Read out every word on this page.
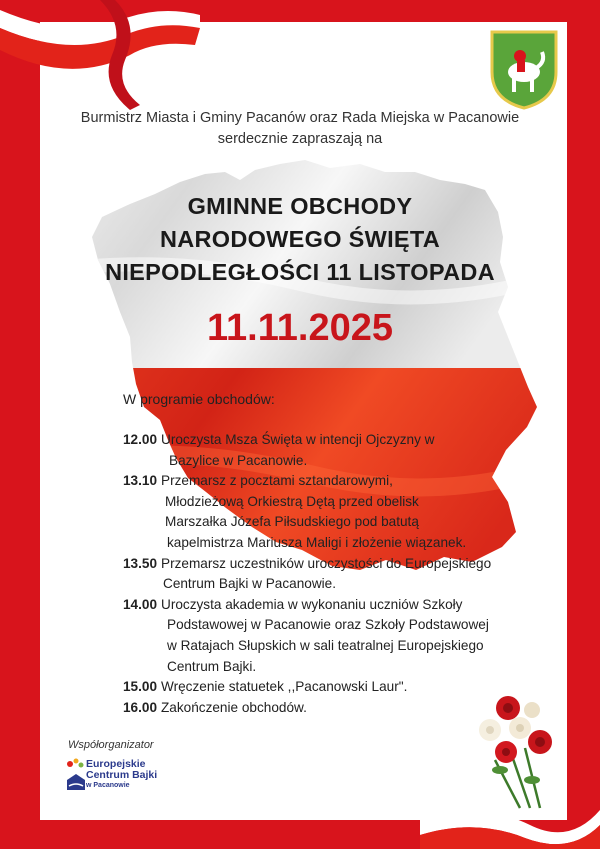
Burmistrz Miasta i Gminy Pacanów oraz Rada Miejska w Pacanowie
serdecznie zapraszają na
GMINNE OBCHODY
NARODOWEGO ŚWIĘTA
NIEPODLEGŁOŚCI 11 LISTOPADA
11.11.2025
W programie obchodów:
12.00 Uroczysta Msza Święta w intencji Ojczyzny w
Bazylice w Pacanowie.
13.10 Przemarsz z pocztami sztandarowymi,
Młodzieżową Orkiestrą Dętą przed obelisk
Marszałka Józefa Piłsudskiego pod batutą
kapelmistrza Mariusza Maligi i złożenie wiązanek.
13.50 Przemarsz uczestników uroczystości do Europejskiego
Centrum Bajki w Pacanowie.
14.00 Uroczysta akademia w wykonaniu uczniów Szkoły
Podstawowej w Pacanowie oraz Szkoły Podstawowej
w Ratajach Słupskich w sali teatralnej Europejskiego
Centrum Bajki.
15.00 Wręczenie statuetek ,,Pacanowski Laur".
16.00 Zakończenie obchodów.
Współorganizator
Europejskie
Centrum Bajki
w Pacanowie
